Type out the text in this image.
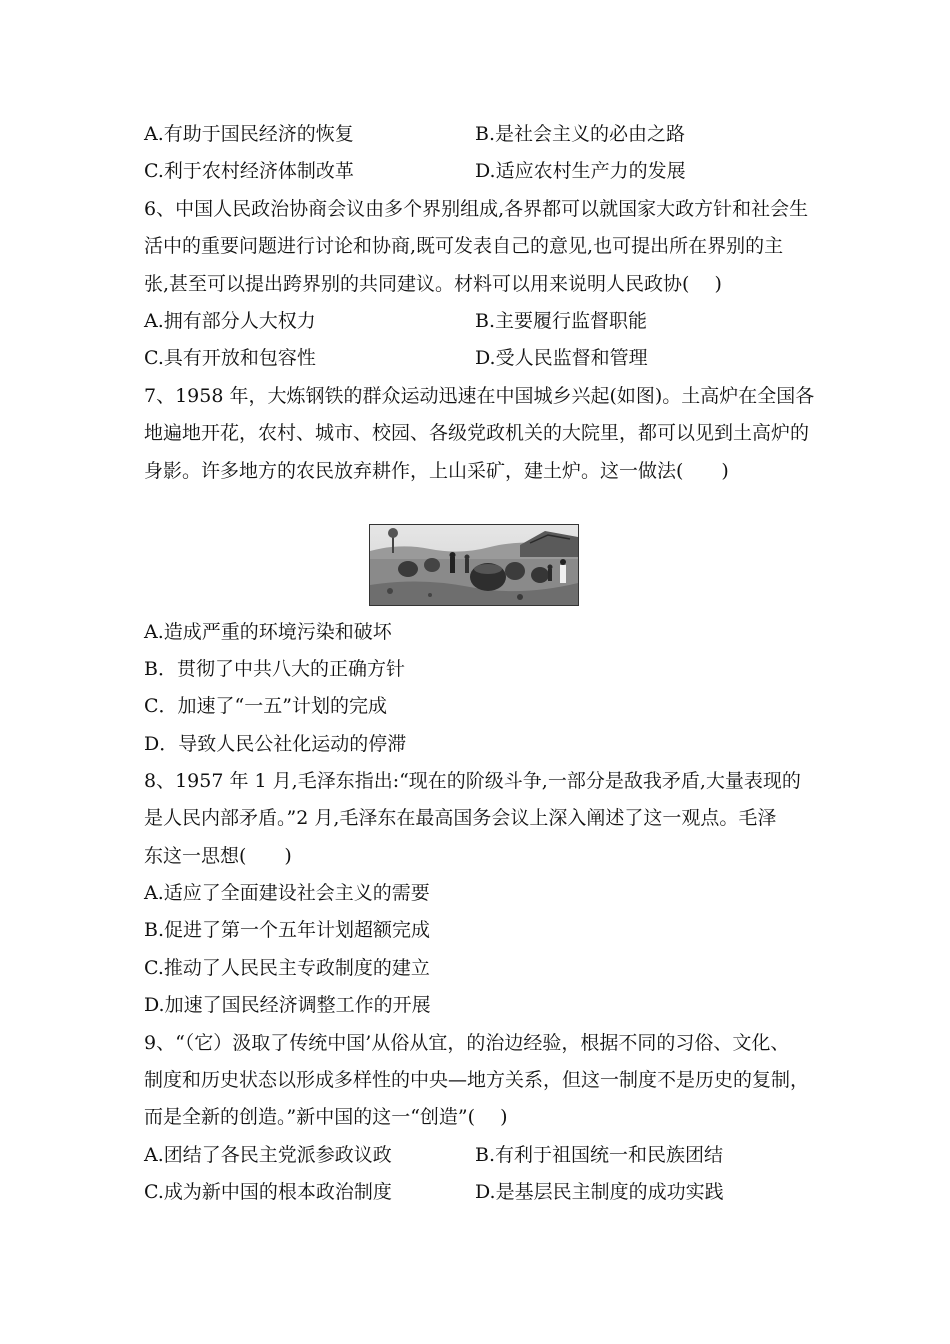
A.有助于国民经济的恢复	B.是社会主义的必由之路
C.利于农村经济体制改革	D.适应农村生产力的发展
6、中国人民政治协商会议由多个界别组成,各界都可以就国家大政方针和社会生
活中的重要问题进行讨论和协商,既可发表自己的意见,也可提出所在界别的主
张,甚至可以提出跨界别的共同建议。材料可以用来说明人民政协(　 )
A.拥有部分人大权力	B.主要履行监督职能
C.具有开放和包容性	D.受人民监督和管理
7、1958 年，大炼钢铁的群众运动迅速在中国城乡兴起(如图)。土高炉在全国各
地遍地开花，农村、城市、校园、各级党政机关的大院里，都可以见到土高炉的
身影。许多地方的农民放弃耕作，上山采矿，建土炉。这一做法(　　)
A.造成严重的环境污染和破坏
B．贯彻了中共八大的正确方针
C．加速了“一五”计划的完成
D．导致人民公社化运动的停滞
8、1957 年 1 月,毛泽东指出:“现在的阶级斗争,一部分是敌我矛盾,大量表现的
是人民内部矛盾。”2 月,毛泽东在最高国务会议上深入阐述了这一观点。毛泽
东这一思想(　　)
A.适应了全面建设社会主义的需要
B.促进了第一个五年计划超额完成
C.推动了人民民主专政制度的建立
D.加速了国民经济调整工作的开展
9、“（它）汲取了传统中国’从俗从宜，的治边经验，根据不同的习俗、文化、
制度和历史状态以形成多样性的中央—地方关系，但这一制度不是历史的复制，
而是全新的创造。”新中国的这一“创造”(　 )
A.团结了各民主党派参政议政	B.有利于祖国统一和民族团结
C.成为新中国的根本政治制度	D.是基层民主制度的成功实践
